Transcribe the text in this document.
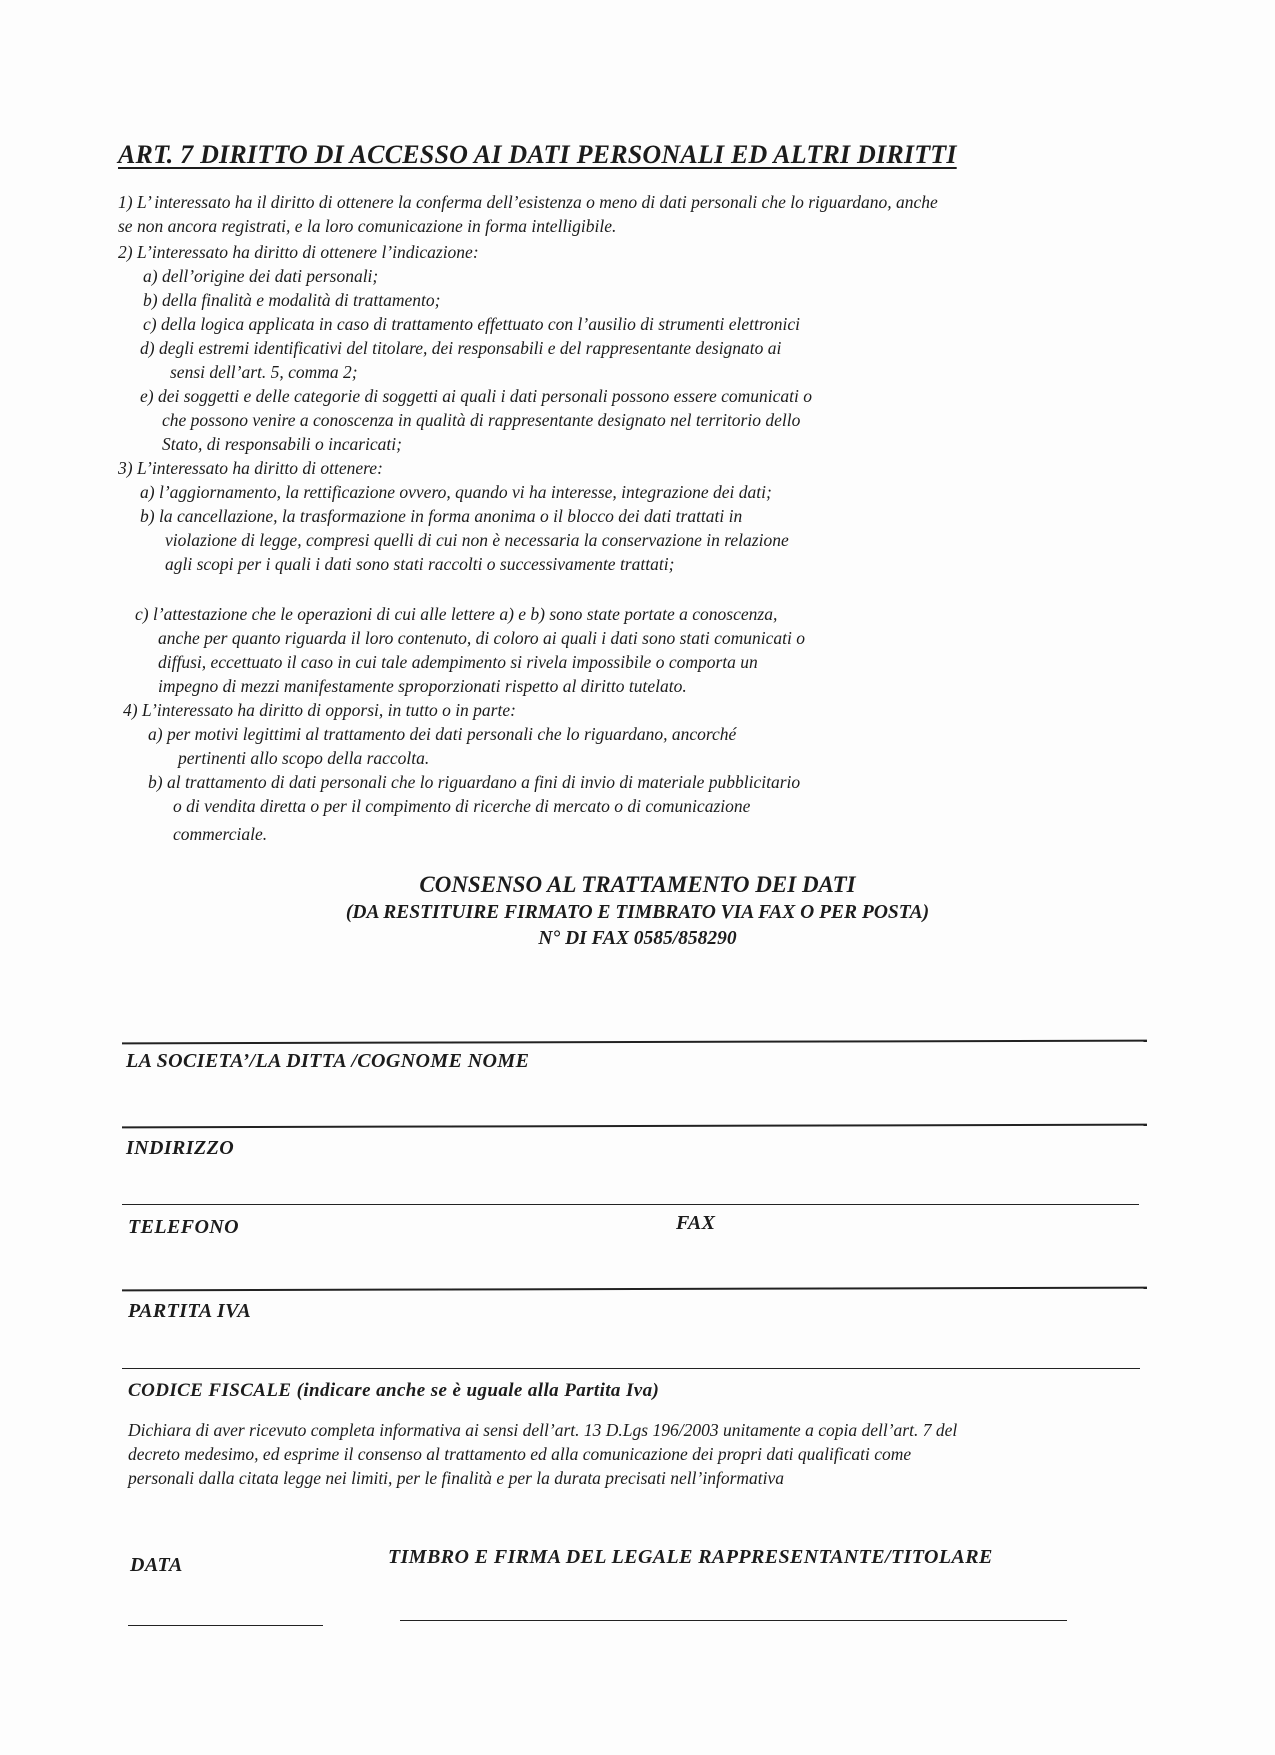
ART. 7 DIRITTO DI ACCESSO AI DATI PERSONALI ED ALTRI DIRITTI
1) L’ interessato ha il diritto di ottenere la conferma dell’esistenza o meno di dati personali che lo riguardano, anche
se non ancora registrati, e la loro comunicazione in forma intelligibile.
2) L’interessato ha diritto di ottenere l’indicazione:
a) dell’origine dei dati personali;
b) della finalità e modalità di trattamento;
c) della logica applicata in caso di trattamento effettuato con l’ausilio di strumenti elettronici
d) degli estremi identificativi del titolare, dei responsabili e del rappresentante designato ai
sensi dell’art. 5, comma 2;
e) dei soggetti e delle categorie di soggetti ai quali i dati personali possono essere comunicati o
che possono venire a conoscenza in qualità di rappresentante designato nel territorio dello
Stato, di responsabili o incaricati;
3) L’interessato ha diritto di ottenere:
a) l’aggiornamento, la rettificazione ovvero, quando vi ha interesse, integrazione dei dati;
b) la cancellazione, la trasformazione in forma anonima o il blocco dei dati trattati in
violazione di legge, compresi quelli di cui non è necessaria la conservazione in relazione
agli scopi per i quali i dati sono stati raccolti o successivamente trattati;
c) l’attestazione che le operazioni di cui alle lettere a) e b) sono state portate a conoscenza,
anche per quanto riguarda il loro contenuto, di coloro ai quali i dati sono stati comunicati o
diffusi, eccettuato il caso in cui tale adempimento si rivela impossibile o comporta un
impegno di mezzi manifestamente sproporzionati rispetto al diritto tutelato.
4) L’interessato ha diritto di opporsi, in tutto o in parte:
a) per motivi legittimi al trattamento dei dati personali che lo riguardano, ancorché
pertinenti allo scopo della raccolta.
b) al trattamento di dati personali che lo riguardano a fini di invio di materiale pubblicitario
o di vendita diretta o per il compimento di ricerche di mercato o di comunicazione
commerciale.
CONSENSO AL TRATTAMENTO DEI DATI
(DA RESTITUIRE FIRMATO E TIMBRATO VIA FAX O PER POSTA)
N° DI FAX 0585/858290
LA SOCIETA’/LA DITTA /COGNOME NOME
INDIRIZZO
TELEFONO	FAX
PARTITA IVA
CODICE FISCALE (indicare anche se è uguale alla Partita Iva)
Dichiara di aver ricevuto completa informativa ai sensi dell’art. 13 D.Lgs 196/2003 unitamente a copia dell’art. 7 del
decreto medesimo, ed esprime il consenso al trattamento ed alla comunicazione dei propri dati qualificati come
personali dalla citata legge nei limiti, per le finalità e per la durata precisati nell’informativa
DATA	TIMBRO E FIRMA DEL LEGALE RAPPRESENTANTE/TITOLARE
